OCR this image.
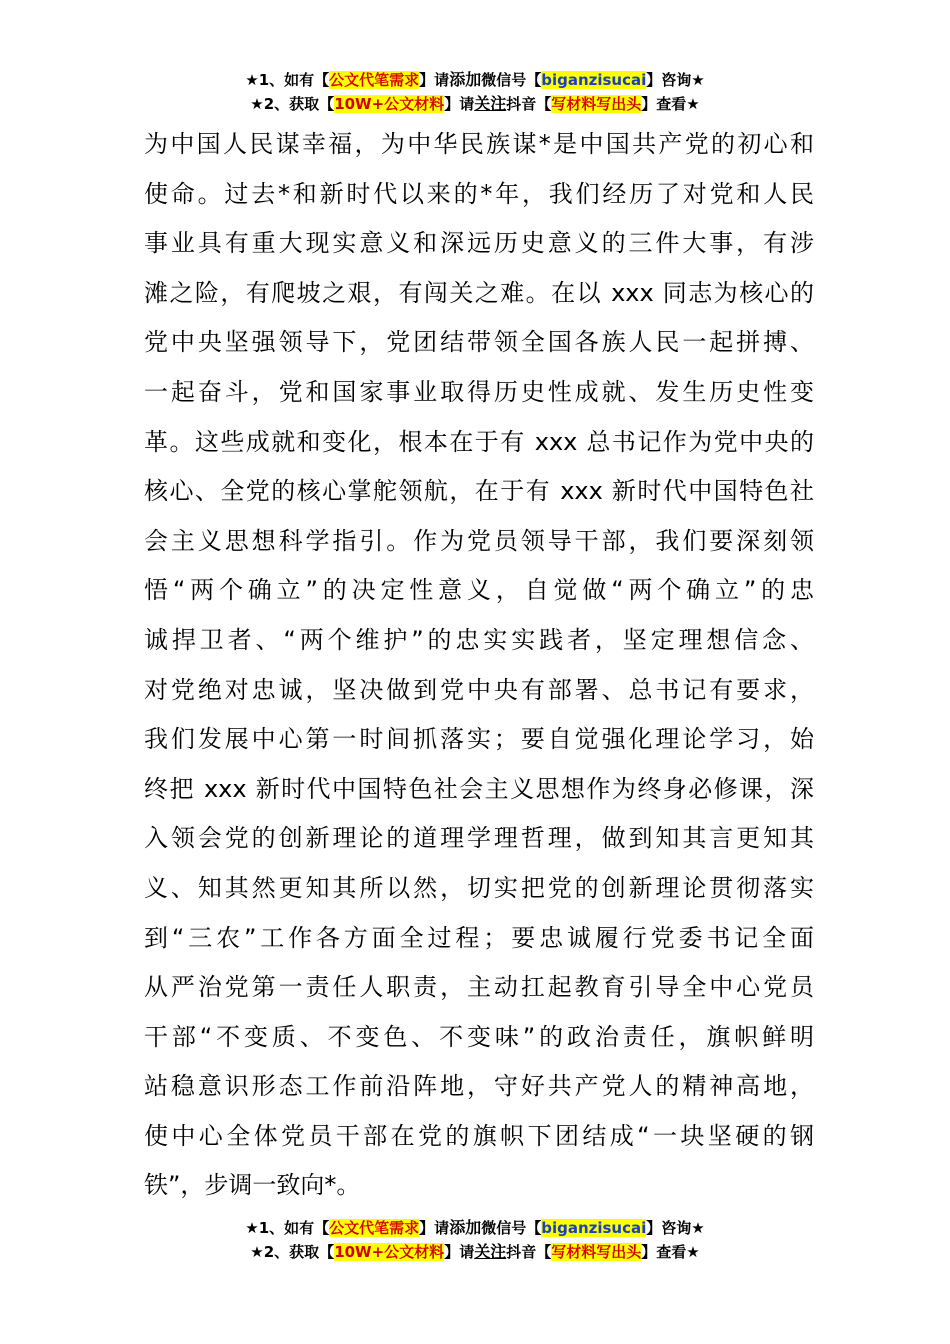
★1、如有【公文代笔需求】请添加微信号【biganzisucai】咨询★
★2、获取【10W+公文材料】请关注抖音【写材料写出头】查看★
为中国人民谋幸福，为中华民族谋*是中国共产党的初心和
使命。过去*和新时代以来的*年，我们经历了对党和人民
事业具有重大现实意义和深远历史意义的三件大事，有涉
滩之险，有爬坡之艰，有闯关之难。在以 xxx 同志为核心的
党中央坚强领导下，党团结带领全国各族人民一起拼搏、
一起奋斗，党和国家事业取得历史性成就、发生历史性变
革。这些成就和变化，根本在于有 xxx 总书记作为党中央的
核心、全党的核心掌舵领航，在于有 xxx 新时代中国特色社
会主义思想科学指引。作为党员领导干部，我们要深刻领
悟“两个确立”的决定性意义，自觉做“两个确立”的忠
诚捍卫者、“两个维护”的忠实实践者，坚定理想信念、
对党绝对忠诚，坚决做到党中央有部署、总书记有要求，
我们发展中心第一时间抓落实；要自觉强化理论学习，始
终把 xxx 新时代中国特色社会主义思想作为终身必修课，深
入领会党的创新理论的道理学理哲理，做到知其言更知其
义、知其然更知其所以然，切实把党的创新理论贯彻落实
到“三农”工作各方面全过程；要忠诚履行党委书记全面
从严治党第一责任人职责，主动扛起教育引导全中心党员
干部“不变质、不变色、不变味”的政治责任，旗帜鲜明
站稳意识形态工作前沿阵地，守好共产党人的精神高地，
使中心全体党员干部在党的旗帜下团结成“一块坚硬的钢
铁”，步调一致向*。
★1、如有【公文代笔需求】请添加微信号【biganzisucai】咨询★
★2、获取【10W+公文材料】请关注抖音【写材料写出头】查看★
